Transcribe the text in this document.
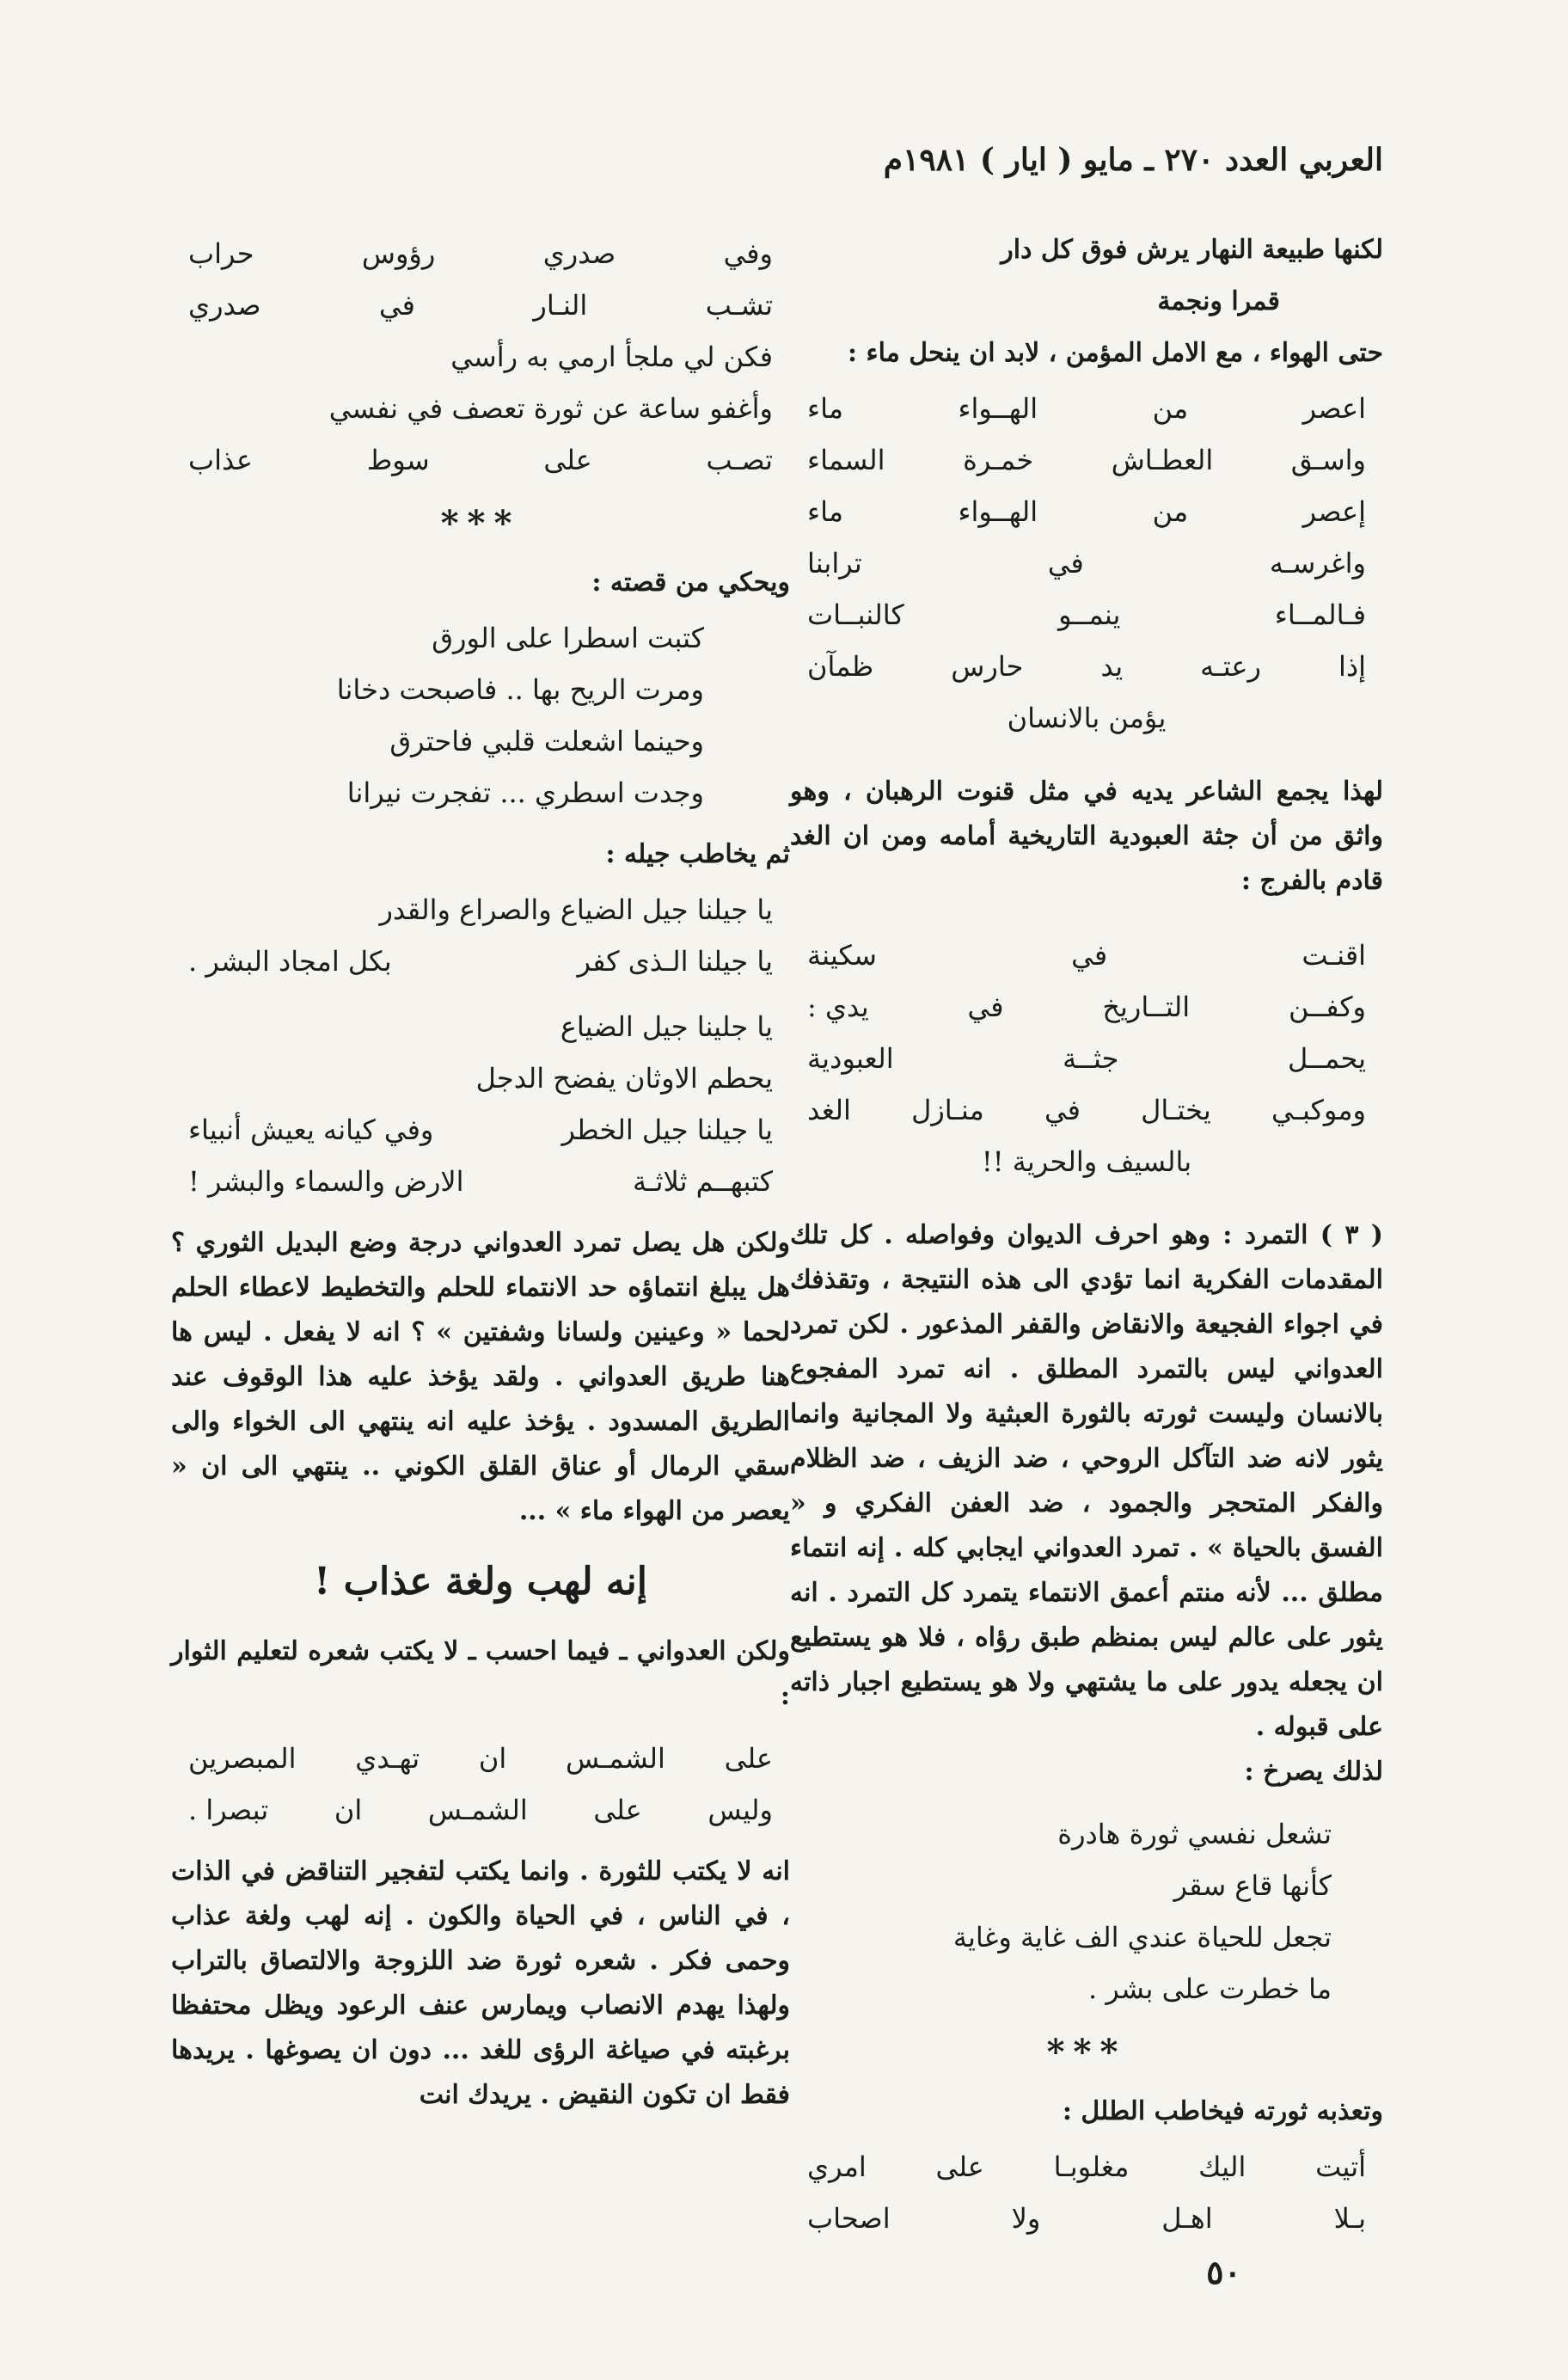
العربي العدد ٢٧٠ ـ مايو ( ايار ) ١٩٨١م

لكنها طبيعة النهار يرش فوق كل دار

قمرا ونجمة

حتى الهواء ، مع الامل المؤمن ، لابد ان ينحل ماء :

اعصر
من
الهــواء
ماء
واسـق
العطـاش
خمـرة
السماء
إعصر
من
الهــواء
ماء
واغرسـه
في
ترابنا
فـالمــاء
ينمــو
كالنبــات
إذا
رعتـه
يد
حارس
ظمآن
يؤمن بالانسان

لهذا يجمع الشاعر يديه في مثل قنوت الرهبان ، وهو واثق من أن جثة العبودية التاريخية أمامه ومن ان الغد قادم بالفرج :

اقنـت
في
سكينة
وكفــن
التــاريخ
في
يدي :
يحمــل
جثــة
العبودية
وموكبـي
يختـال
في
منـازل
الغد
بالسيف والحرية !!

( ٣ ) التمرد : وهو احرف الديوان وفواصله . كل تلك المقدمات الفكرية انما تؤدي الى هذه النتيجة ، وتقذفك في اجواء الفجيعة والانقاض والقفر المذعور . لكن تمرد العدواني ليس بالتمرد المطلق . انه تمرد المفجوع بالانسان وليست ثورته بالثورة العبثية ولا المجانية وانما يثور لانه ضد التآكل الروحي ، ضد الزيف ، ضد الظلام والفكر المتحجر والجمود ، ضد العفن الفكري و « الفسق بالحياة » . تمرد العدواني ايجابي كله . إنه انتماء مطلق ... لأنه منتم أعمق الانتماء يتمرد كل التمرد . انه يثور على عالم ليس بمنظم طبق رؤاه ، فلا هو يستطيع ان يجعله يدور على ما يشتهي ولا هو يستطيع اجبار ذاته على قبوله .

لذلك يصرخ :

تشعل نفسي ثورة هادرة
كأنها قاع سقر
تجعل للحياة عندي الف غاية وغاية
ما خطرت على بشر .
***

وتعذبه ثورته فيخاطب الطلل :

أتيت
اليك
مغلوبـا
على
امري
بـلا
اهـل
ولا
اصحاب
وفي
صدري
رؤوس
حراب
تشـب
النـار
في
صدري
فكن لي ملجأ ارمي به رأسي
وأغفو ساعة عن ثورة تعصف في نفسي
تصـب
على
سوط
عذاب
***

ويحكي من قصته :

كتبت اسطرا على الورق
ومرت الريح بها .. فاصبحت دخانا
وحينما اشعلت قلبي فاحترق
وجدت اسطري ... تفجرت نيرانا

ثم يخاطب جيله :

يا جيلنا جيل الضياع والصراع والقدر
يا جيلنا الـذى كفر
بكل امجاد البشر .
يا جلينا جيل الضياع
يحطم الاوثان يفضح الدجل
يا جيلنا جيل الخطر
وفي كيانه يعيش أنبياء
كتبهــم ثلاثـة
الارض والسماء والبشر !

ولكن هل يصل تمرد العدواني درجة وضع البديل الثوري ؟ هل يبلغ انتماؤه حد الانتماء للحلم والتخطيط لاعطاء الحلم لحما « وعينين ولسانا وشفتين » ؟ انه لا يفعل . ليس ها هنا طريق العدواني . ولقد يؤخذ عليه هذا الوقوف عند الطريق المسدود . يؤخذ عليه انه ينتهي الى الخواء والى سقي الرمال أو عناق القلق الكوني .. ينتهي الى ان « يعصر من الهواء ماء » ...

إنه لهب ولغة عذاب !

ولكن العدواني ـ فيما احسب ـ لا يكتب شعره لتعليم الثوار :

على
الشمـس
ان
تهـدي
المبصرين
وليس
على
الشمـس
ان
تبصرا .

انه لا يكتب للثورة . وانما يكتب لتفجير التناقض في الذات ، في الناس ، في الحياة والكون . إنه لهب ولغة عذاب وحمى فكر . شعره ثورة ضد اللزوجة والالتصاق بالتراب ولهذا يهدم الانصاب ويمارس عنف الرعود ويظل محتفظا برغبته في صياغة الرؤى للغد ... دون ان يصوغها . يريدها فقط ان تكون النقيض . يريدك انت

٥٠
